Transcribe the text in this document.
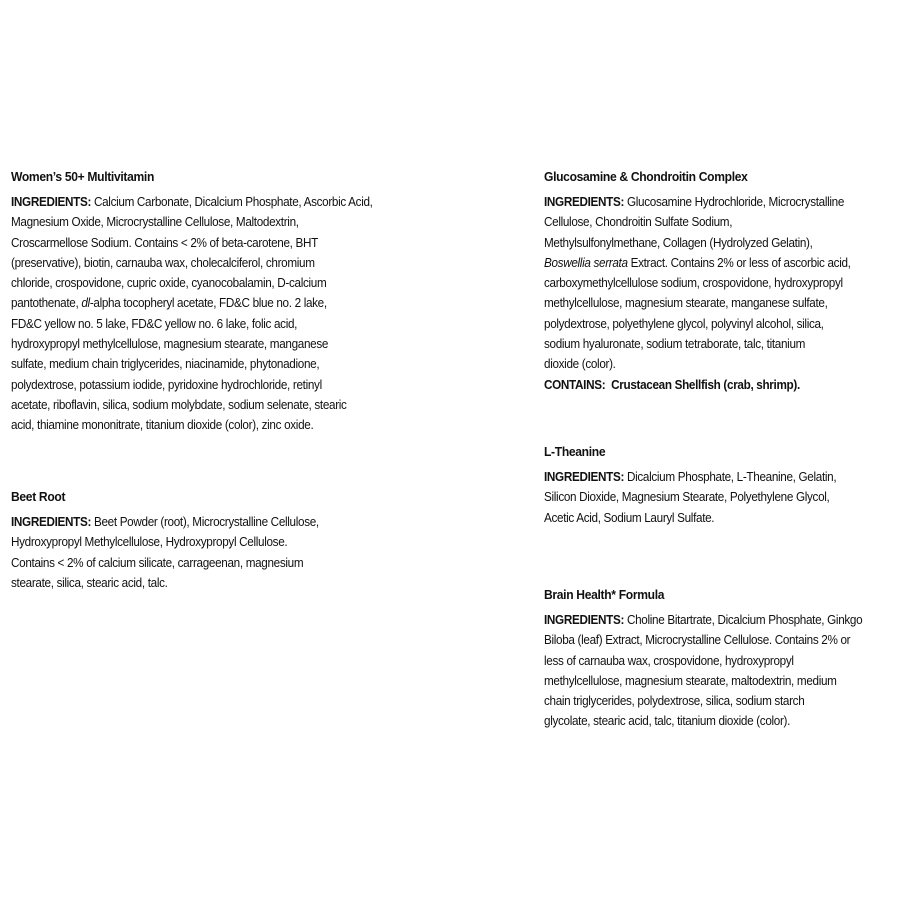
Women’s 50+ Multivitamin

INGREDIENTS: Calcium Carbonate, Dicalcium Phosphate, Ascorbic Acid,
Magnesium Oxide, Microcrystalline Cellulose, Maltodextrin,
Croscarmellose Sodium. Contains < 2% of beta-carotene, BHT
(preservative), biotin, carnauba wax, cholecalciferol, chromium
chloride, crospovidone, cupric oxide, cyanocobalamin, D-calcium
pantothenate, dl-alpha tocopheryl acetate, FD&C blue no. 2 lake,
FD&C yellow no. 5 lake, FD&C yellow no. 6 lake, folic acid,
hydroxypropyl methylcellulose, magnesium stearate, manganese
sulfate, medium chain triglycerides, niacinamide, phytonadione,
polydextrose, potassium iodide, pyridoxine hydrochloride, retinyl
acetate, riboflavin, silica, sodium molybdate, sodium selenate, stearic
acid, thiamine mononitrate, titanium dioxide (color), zinc oxide.

Beet Root

INGREDIENTS: Beet Powder (root), Microcrystalline Cellulose,
Hydroxypropyl Methylcellulose, Hydroxypropyl Cellulose.
Contains < 2% of calcium silicate, carrageenan, magnesium
stearate, silica, stearic acid, talc.

Glucosamine & Chondroitin Complex

INGREDIENTS: Glucosamine Hydrochloride, Microcrystalline
Cellulose, Chondroitin Sulfate Sodium,
Methylsulfonylmethane, Collagen (Hydrolyzed Gelatin),
Boswellia serrata Extract. Contains 2% or less of ascorbic acid,
carboxymethylcellulose sodium, crospovidone, hydroxypropyl
methylcellulose, magnesium stearate, manganese sulfate,
polydextrose, polyethylene glycol, polyvinyl alcohol, silica,
sodium hyaluronate, sodium tetraborate, talc, titanium
dioxide (color).

CONTAINS: Crustacean Shellfish (crab, shrimp).

L-Theanine

INGREDIENTS: Dicalcium Phosphate, L-Theanine, Gelatin,
Silicon Dioxide, Magnesium Stearate, Polyethylene Glycol,
Acetic Acid, Sodium Lauryl Sulfate.

Brain Health* Formula

INGREDIENTS: Choline Bitartrate, Dicalcium Phosphate, Ginkgo
Biloba (leaf) Extract, Microcrystalline Cellulose. Contains 2% or
less of carnauba wax, crospovidone, hydroxypropyl
methylcellulose, magnesium stearate, maltodextrin, medium
chain triglycerides, polydextrose, silica, sodium starch
glycolate, stearic acid, talc, titanium dioxide (color).
